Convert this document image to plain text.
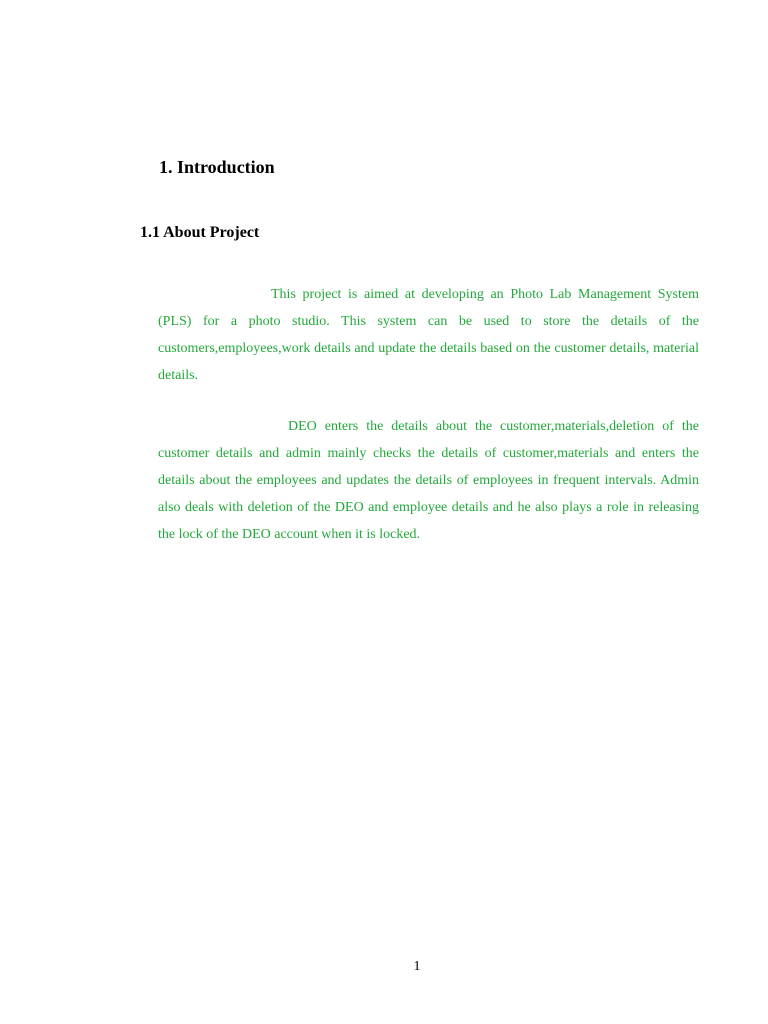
1. Introduction
1.1 About Project

This project is aimed at developing an Photo Lab Management System (PLS) for a photo studio. This system can be used to store the details of the customers,employees,work details and update the details based on the customer details, material details.

DEO enters the details about the customer,materials,deletion of the customer details and admin mainly checks the details of customer,materials and enters the details about the employees and updates the details of employees in frequent intervals. Admin also deals with deletion of the DEO and employee details and he also plays a role in releasing the lock of the DEO account when it is locked.

1
